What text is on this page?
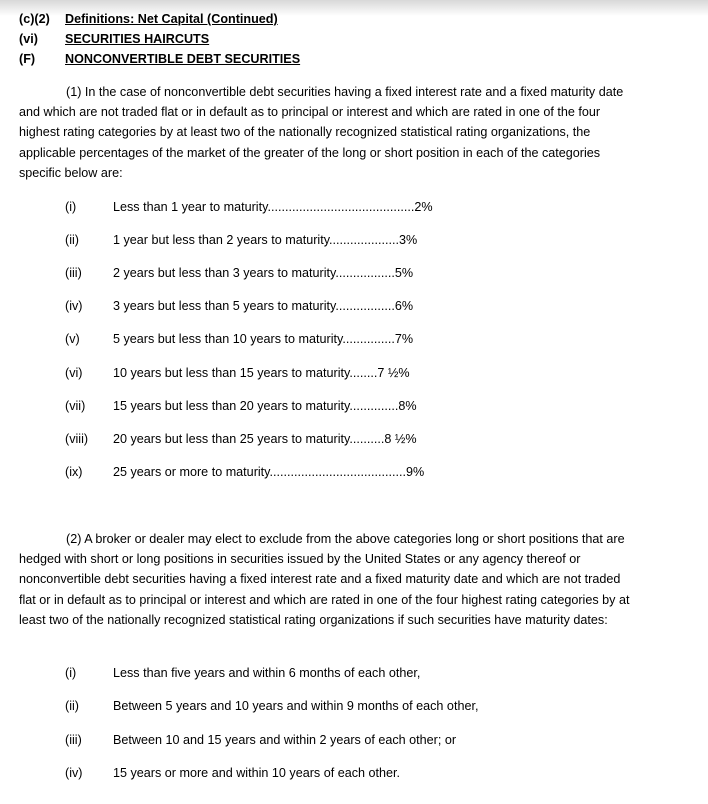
(c)(2)	Definitions: Net Capital (Continued)
(vi)	SECURITIES HAIRCUTS
(F)	NONCONVERTIBLE DEBT SECURITIES

(1) In the case of nonconvertible debt securities having a fixed interest rate and a fixed maturity date and which are not traded flat or in default as to principal or interest and which are rated in one of the four highest rating categories by at least two of the nationally recognized statistical rating organizations, the applicable percentages of the market of the greater of the long or short position in each of the categories specific below are:

(i)	Less than 1 year to maturity..........................................2%
(ii)	1 year but less than 2 years to maturity....................3%
(iii)	2 years but less than 3 years to maturity.................5%
(iv)	3 years but less than 5 years to maturity.................6%
(v)	5 years but less than 10 years to maturity...............7%
(vi)	10 years but less than 15 years to maturity........7 ½%
(vii)	15 years but less than 20 years to maturity..............8%
(viii)	20 years but less than 25 years to maturity..........8 ½%
(ix)	25 years or more to maturity.......................................9%

(2) A broker or dealer may elect to exclude from the above categories long or short positions that are hedged with short or long positions in securities issued by the United States or any agency thereof or nonconvertible debt securities having a fixed interest rate and a fixed maturity date and which are not traded flat or in default as to principal or interest and which are rated in one of the four highest rating categories by at least two of the nationally recognized statistical rating organizations if such securities have maturity dates:

(i)	Less than five years and within 6 months of each other,
(ii)	Between 5 years and 10 years and within 9 months of each other,
(iii)	Between 10 and 15 years and within 2 years of each other; or
(iv)	15 years or more and within 10 years of each other.
